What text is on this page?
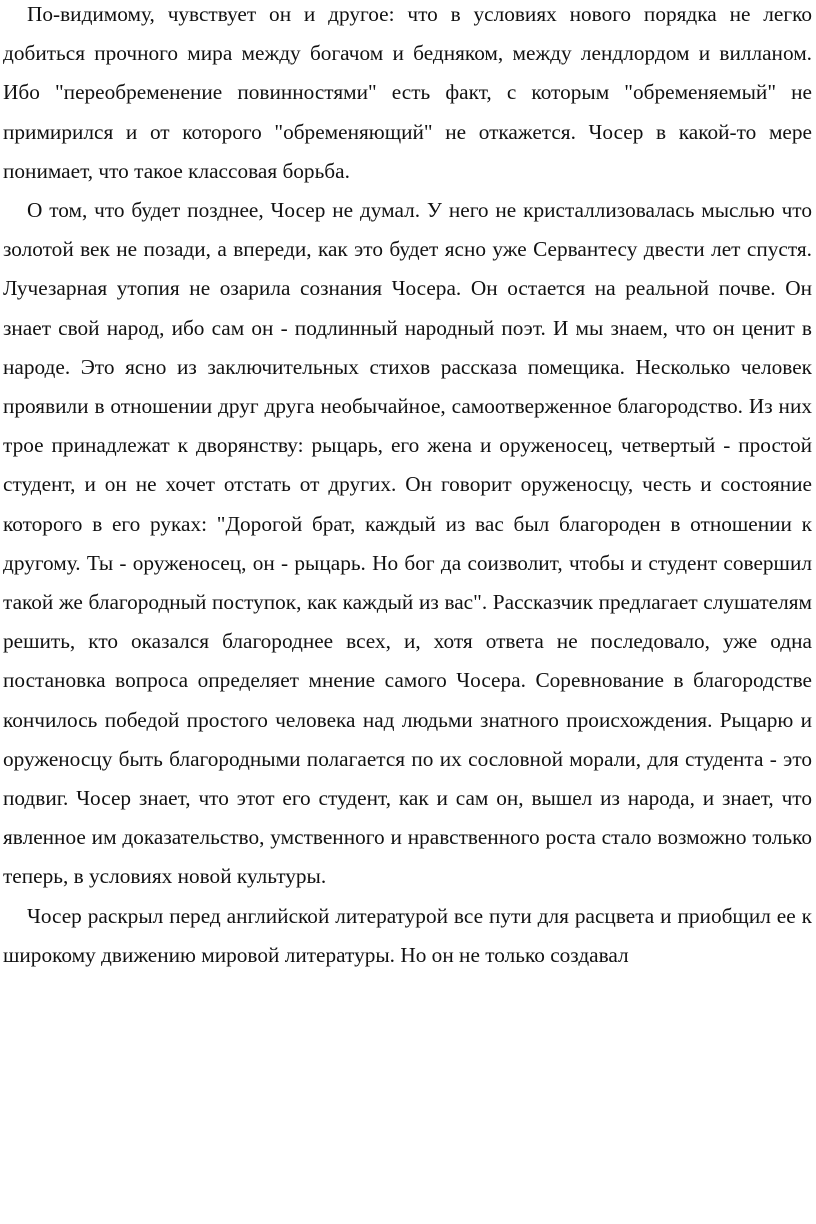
По-видимому, чувствует он и другое: что в условиях нового порядка не легко добиться прочного мира между богачом и бедняком, между лендлордом и вилланом. Ибо "переобременение повинностями" есть факт, с которым "обременяемый" не примирился и от которого "обременяющий" не откажется. Чосер в какой-то мере понимает, что такое классовая борьба.

О том, что будет позднее, Чосер не думал. У него не кристаллизовалась мыслью что золотой век не позади, а впереди, как это будет ясно уже Сервантесу двести лет спустя. Лучезарная утопия не озарила сознания Чосера. Он остается на реальной почве. Он знает свой народ, ибо сам он - подлинный народный поэт. И мы знаем, что он ценит в народе. Это ясно из заключительных стихов рассказа помещика. Несколько человек проявили в отношении друг друга необычайное, самоотверженное благородство. Из них трое принадлежат к дворянству: рыцарь, его жена и оруженосец, четвертый - простой студент, и он не хочет отстать от других. Он говорит оруженосцу, честь и состояние которого в его руках: "Дорогой брат, каждый из вас был благороден в отношении к другому. Ты - оруженосец, он - рыцарь. Но бог да соизволит, чтобы и студент совершил такой же благородный поступок, как каждый из вас". Рассказчик предлагает слушателям решить, кто оказался благороднее всех, и, хотя ответа не последовало, уже одна постановка вопроса определяет мнение самого Чосера. Соревнование в благородстве кончилось победой простого человека над людьми знатного происхождения. Рыцарю и оруженосцу быть благородными полагается по их сословной морали, для студента - это подвиг. Чосер знает, что этот его студент, как и сам он, вышел из народа, и знает, что явленное им доказательство, умственного и нравственного роста стало возможно только теперь, в условиях новой культуры.

Чосер раскрыл перед английской литературой все пути для расцвета и приобщил ее к широкому движению мировой литературы. Но он не только создавал
